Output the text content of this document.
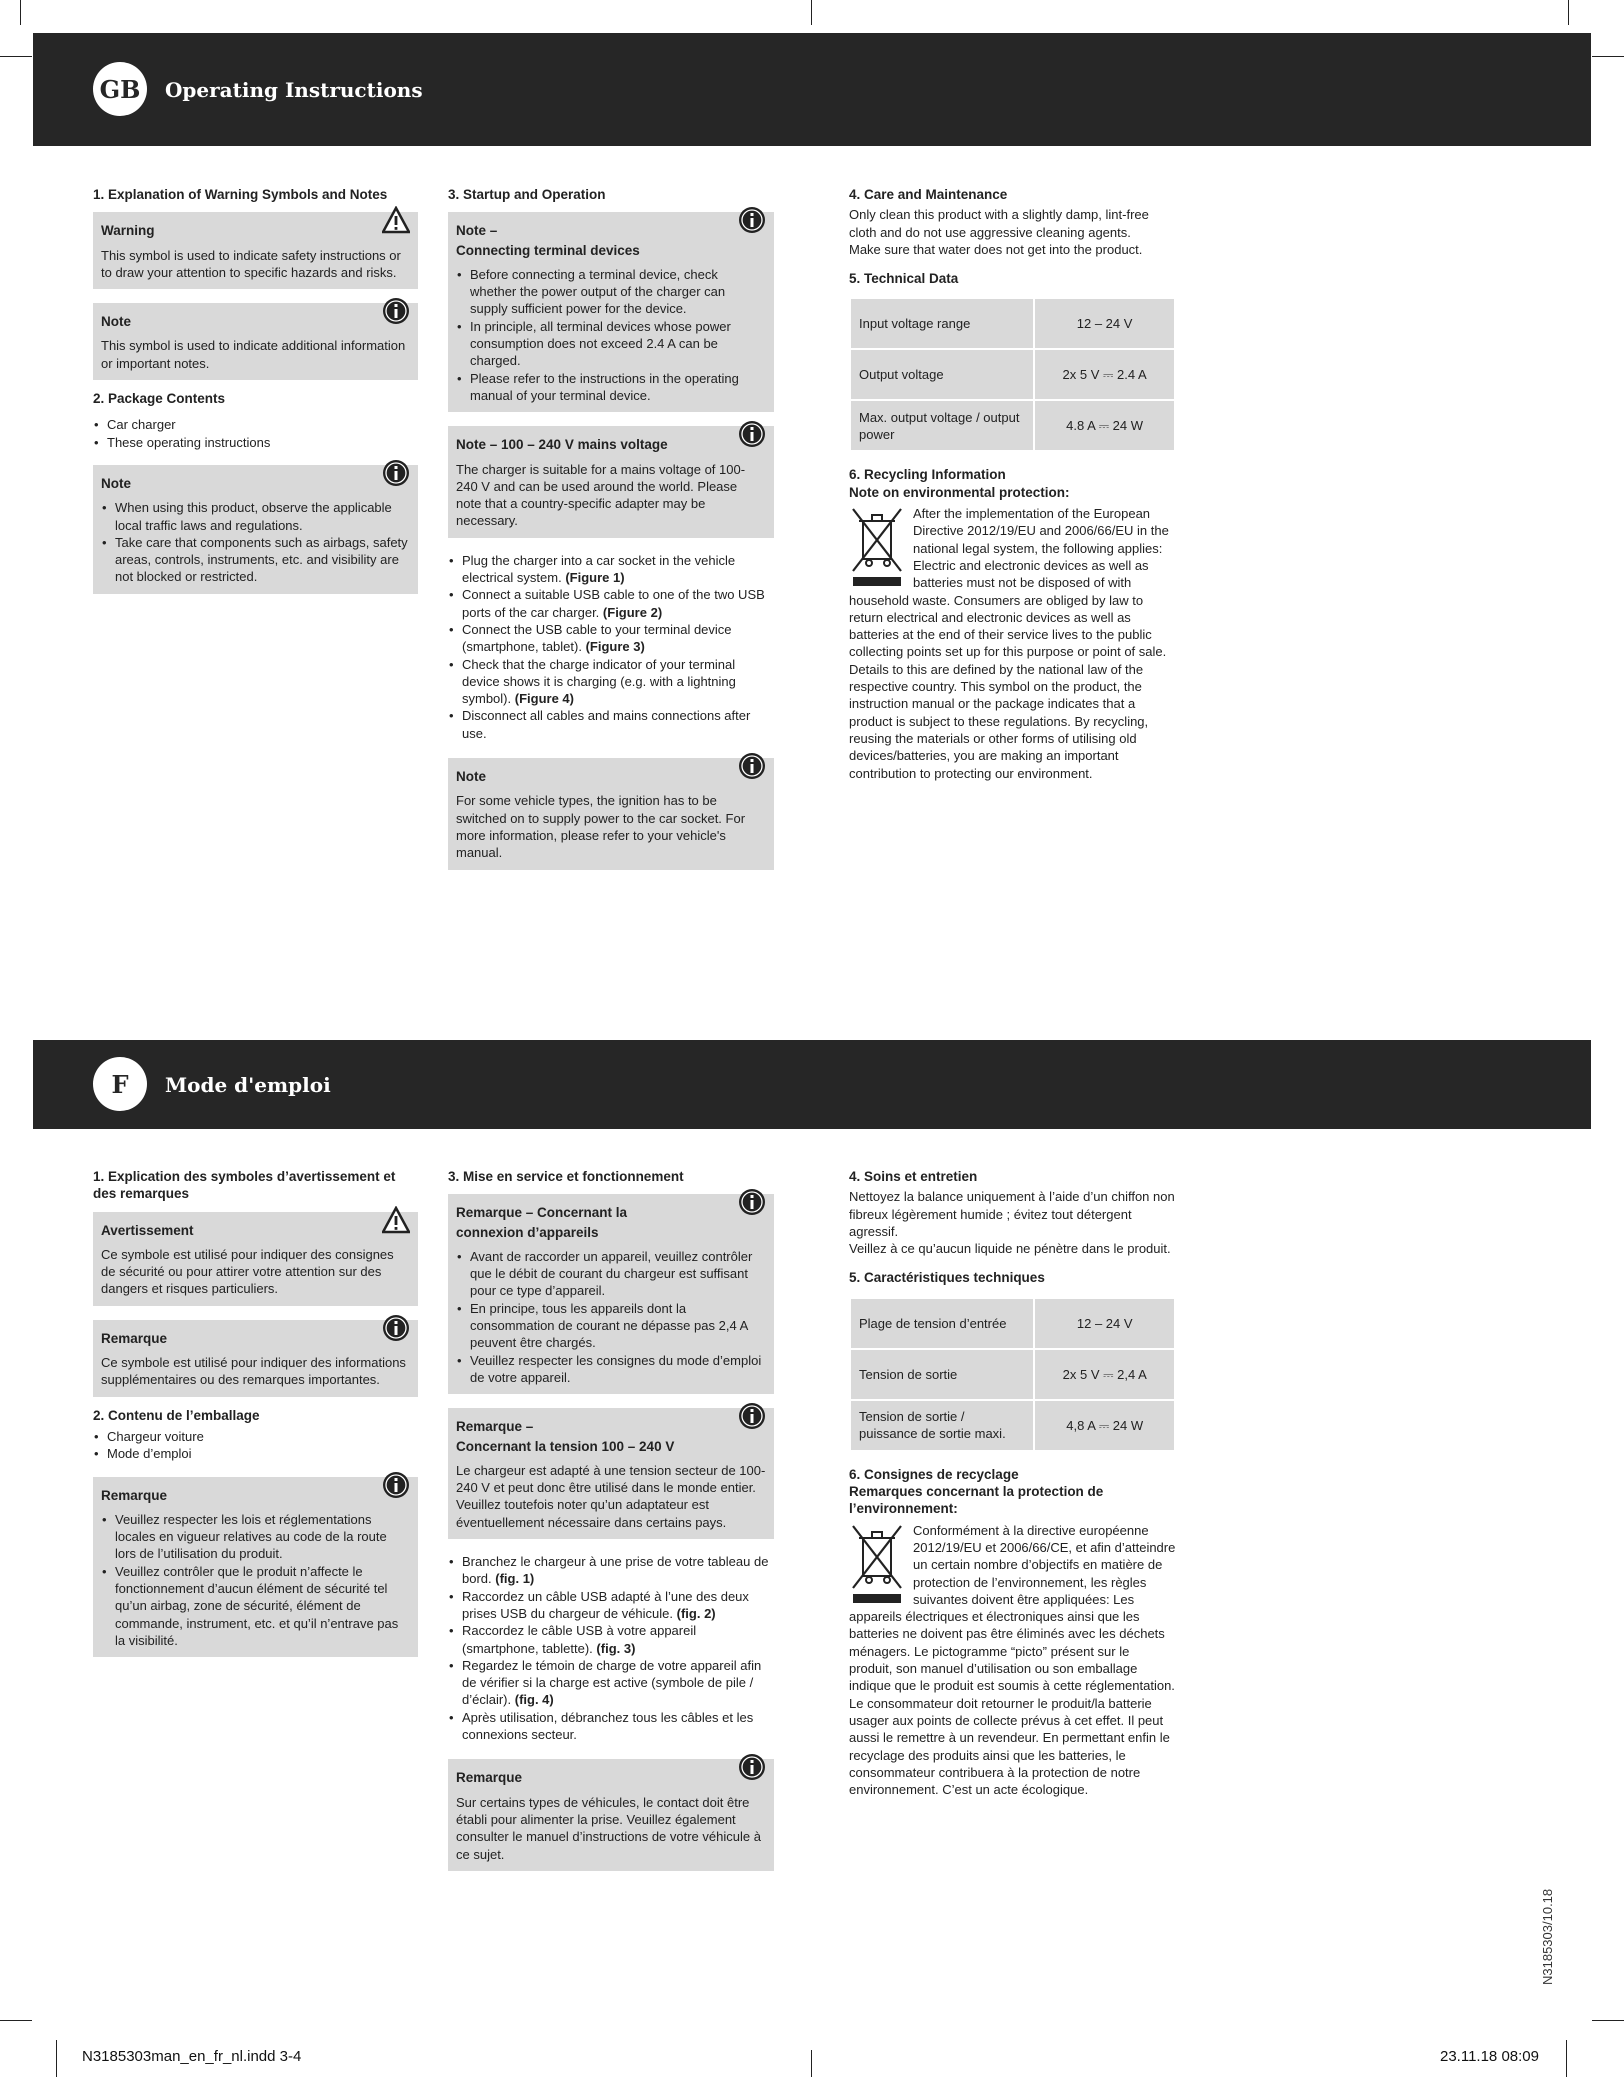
GB	Operating Instructions
1. Explanation of Warning Symbols and Notes
Warning

This symbol is used to indicate safety instructions or to draw your attention to specific hazards and risks.

Note

This symbol is used to indicate additional information or important notes.

2. Package Contents
• Car charger
• These operating instructions
Note
• When using this product, observe the applicable local traffic laws and regulations.
• Take care that components such as airbags, safety areas, controls, instruments, etc. and visibility are not blocked or restricted.
3. Startup and Operation
Note –
Connecting terminal devices
• Before connecting a terminal device, check whether the power output of the charger can supply sufficient power for the device.
• In principle, all terminal devices whose power consumption does not exceed 2.4 A can be charged.
• Please refer to the instructions in the operating manual of your terminal device.
Note – 100 – 240 V mains voltage

The charger is suitable for a mains voltage of 100-240 V and can be used around the world. Please note that a country-specific adapter may be necessary.

• Plug the charger into a car socket in the vehicle electrical system. (Figure 1)
• Connect a suitable USB cable to one of the two USB ports of the car charger. (Figure 2)
• Connect the USB cable to your terminal device (smartphone, tablet). (Figure 3)
• Check that the charge indicator of your terminal device shows it is charging (e.g. with a lightning symbol). (Figure 4)
• Disconnect all cables and mains connections after use.
Note

For some vehicle types, the ignition has to be switched on to supply power to the car socket. For more information, please refer to your vehicle's manual.

4. Care and Maintenance

Only clean this product with a slightly damp, lint-free cloth and do not use aggressive cleaning agents.

Make sure that water does not get into the product.

5. Technical Data
Input voltage range	12 – 24 V
Output voltage	2x 5 V ⎓ 2.4 A
Max. output voltage / output power	4.8 A ⎓ 24 W
6. Recycling Information
Note on environmental protection:

After the implementation of the European Directive 2012/19/EU and 2006/66/EU in the national legal system, the following applies: Electric and electronic devices as well as batteries must not be disposed of with household waste. Consumers are obliged by law to return electrical and electronic devices as well as batteries at the end of their service lives to the public collecting points set up for this purpose or point of sale. Details to this are defined by the national law of the respective country. This symbol on the product, the instruction manual or the package indicates that a product is subject to these regulations. By recycling, reusing the materials or other forms of utilising old devices/batteries, you are making an important contribution to protecting our environment.

F	Mode d'emploi
1. Explication des symboles d’avertissement et des remarques
Avertissement

Ce symbole est utilisé pour indiquer des consignes de sécurité ou pour attirer votre attention sur des dangers et risques particuliers.

Remarque

Ce symbole est utilisé pour indiquer des informations supplémentaires ou des remarques importantes.

2. Contenu de l’emballage
• Chargeur voiture
• Mode d’emploi
Remarque
• Veuillez respecter les lois et réglementations locales en vigueur relatives au code de la route lors de l’utilisation du produit.
• Veuillez contrôler que le produit n’affecte le fonctionnement d’aucun élément de sécurité tel qu’un airbag, zone de sécurité, élément de commande, instrument, etc. et qu’il n’entrave pas la visibilité.
3. Mise en service et fonctionnement
Remarque – Concernant la
connexion d’appareils
• Avant de raccorder un appareil, veuillez contrôler que le débit de courant du chargeur est suffisant pour ce type d’appareil.
• En principe, tous les appareils dont la consommation de courant ne dépasse pas 2,4 A peuvent être chargés.
• Veuillez respecter les consignes du mode d’emploi de votre appareil.
Remarque –
Concernant la tension 100 – 240 V

Le chargeur est adapté à une tension secteur de 100-240 V et peut donc être utilisé dans le monde entier. Veuillez toutefois noter qu’un adaptateur est éventuellement nécessaire dans certains pays.

• Branchez le chargeur à une prise de votre tableau de bord. (fig. 1)
• Raccordez un câble USB adapté à l’une des deux prises USB du chargeur de véhicule. (fig. 2)
• Raccordez le câble USB à votre appareil (smartphone, tablette). (fig. 3)
• Regardez le témoin de charge de votre appareil afin de vérifier si la charge est active (symbole de pile / d’éclair). (fig. 4)
• Après utilisation, débranchez tous les câbles et les connexions secteur.
Remarque

Sur certains types de véhicules, le contact doit être établi pour alimenter la prise. Veuillez également consulter le manuel d’instructions de votre véhicule à ce sujet.

4. Soins et entretien

Nettoyez la balance uniquement à l’aide d’un chiffon non fibreux légèrement humide ; évitez tout détergent agressif.

Veillez à ce qu’aucun liquide ne pénètre dans le produit.

5. Caractéristiques techniques
Plage de tension d’entrée	12 – 24 V
Tension de sortie	2x 5 V ⎓ 2,4 A
Tension de sortie / puissance de sortie maxi.	4,8 A ⎓ 24 W
6. Consignes de recyclage
Remarques concernant la protection de l’environnement:

Conformément à la directive européenne 2012/19/EU et 2006/66/CE, et afin d’atteindre un certain nombre d’objectifs en matière de protection de l’environnement, les règles suivantes doivent être appliquées: Les appareils électriques et électroniques ainsi que les batteries ne doivent pas être éliminés avec les déchets ménagers. Le pictogramme “picto” présent sur le produit, son manuel d’utilisation ou son emballage indique que le produit est soumis à cette réglementation. Le consommateur doit retourner le produit/la batterie usager aux points de collecte prévus à cet effet. Il peut aussi le remettre à un revendeur. En permettant enfin le recyclage des produits ainsi que les batteries, le consommateur contribuera à la protection de notre environnement. C’est un acte écologique.

N3185303/10.18
N3185303man_en_fr_nl.indd 3-4	23.11.18 08:09
